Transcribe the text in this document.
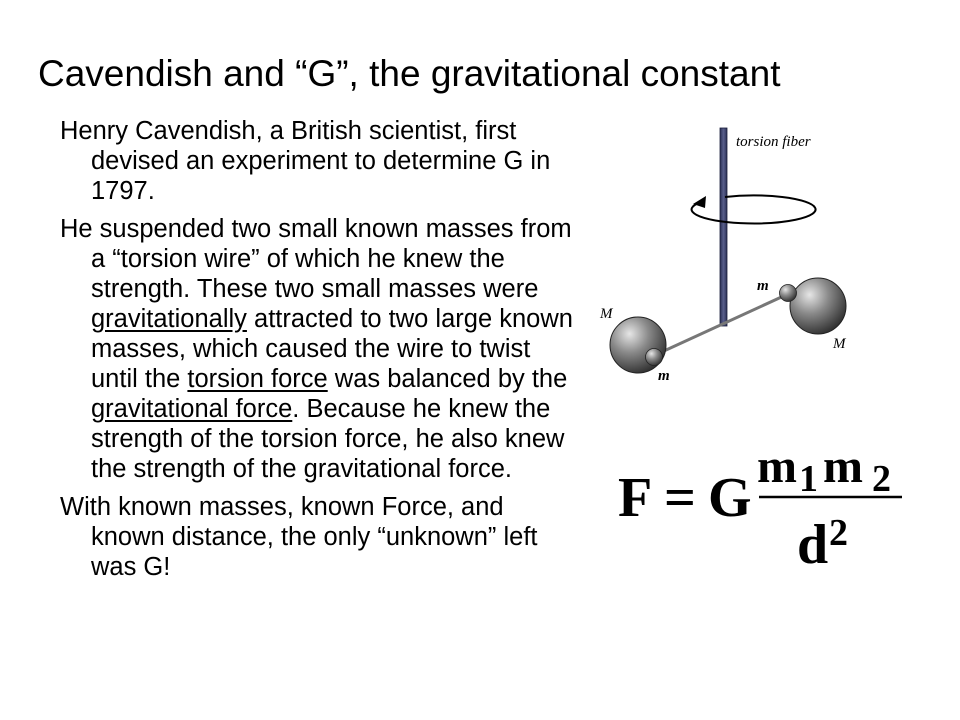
Cavendish and “G”, the gravitational constant

Henry Cavendish, a British scientist, first devised an experiment to determine G in 1797.

He suspended two small known masses from a “torsion wire” of which he knew the strength. These two small masses were gravitationally attracted to two large known masses, which caused the wire to twist until the torsion force was balanced by the gravitational force. Because he knew the strength of the torsion force, he also knew the strength of the gravitational force.

With known masses, known Force, and known distance, the only “unknown” left was G!

torsion fiber
M
M
m
m
F = G
m 1 m 2
d 2
